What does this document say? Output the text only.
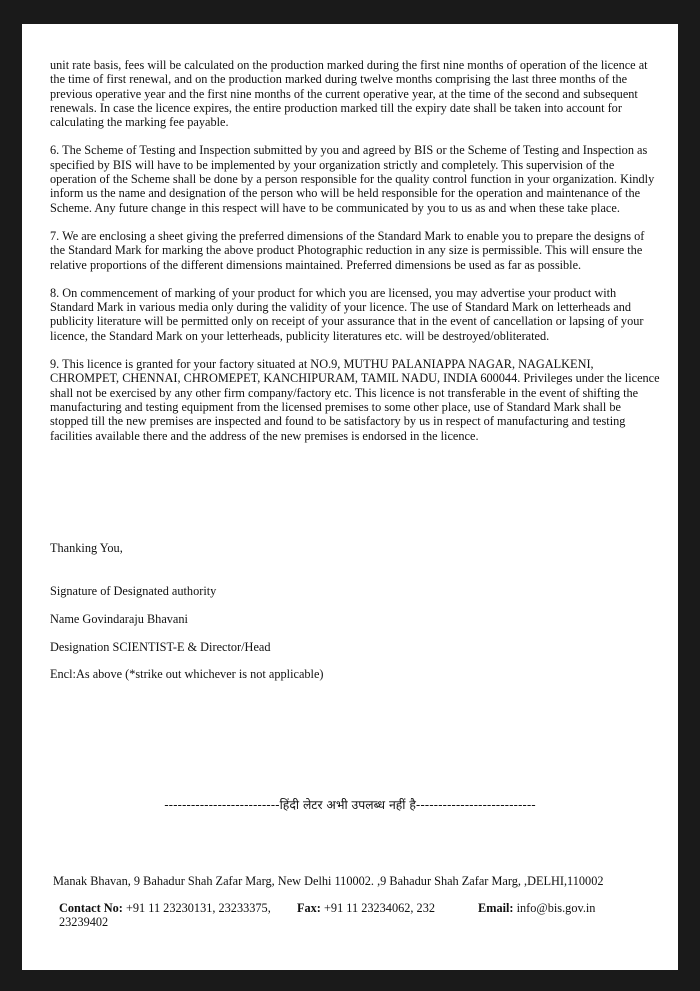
unit rate basis, fees will be calculated on the production marked during the first nine months of operation of the licence at the time of first renewal, and on the production marked during twelve months comprising the last three months of the previous operative year and the first nine months of the current operative year, at the time of the second and subsequent renewals. In case the licence expires, the entire production marked till the expiry date shall be taken into account for calculating the marking fee payable.

6. The Scheme of Testing and Inspection submitted by you and agreed by BIS or the Scheme of Testing and Inspection as specified by BIS will have to be implemented by your organization strictly and completely. This supervision of the operation of the Scheme shall be done by a person responsible for the quality control function in your organization. Kindly inform us the name and designation of the person who will be held responsible for the operation and maintenance of the Scheme. Any future change in this respect will have to be communicated by you to us as and when these take place.

7. We are enclosing a sheet giving the preferred dimensions of the Standard Mark to enable you to prepare the designs of the Standard Mark for marking the above product Photographic reduction in any size is permissible. This will ensure the relative proportions of the different dimensions maintained. Preferred dimensions be used as far as possible.

8. On commencement of marking of your product for which you are licensed, you may advertise your product with Standard Mark in various media only during the validity of your licence. The use of Standard Mark on letterheads and publicity literature will be permitted only on receipt of your assurance that in the event of cancellation or lapsing of your licence, the Standard Mark on your letterheads, publicity literatures etc. will be destroyed/obliterated.

9. This licence is granted for your factory situated at NO.9, MUTHU PALANIAPPA NAGAR, NAGALKENI, CHROMPET, CHENNAI, CHROMEPET, KANCHIPURAM, TAMIL NADU, INDIA 600044. Privileges under the licence shall not be exercised by any other firm company/factory etc. This licence is not transferable in the event of shifting the manufacturing and testing equipment from the licensed premises to some other place, use of Standard Mark shall be stopped till the new premises are inspected and found to be satisfactory by us in respect of manufacturing and testing facilities available there and the address of the new premises is endorsed in the licence.

Thanking You,
Signature of Designated authority
Name Govindaraju Bhavani
Designation SCIENTIST-E & Director/Head
Encl:As above (*strike out whichever is not applicable)
--------------------------हिंदी लेटर अभी उपलब्ध नहीं है---------------------------
Manak Bhavan, 9 Bahadur Shah Zafar Marg, New Delhi 110002. ,9 Bahadur Shah Zafar Marg, ,DELHI,110002
Contact No: +91 11 23230131, 23233375, 23239402
Fax: +91 11 23234062, 232	Email: info@bis.gov.in
